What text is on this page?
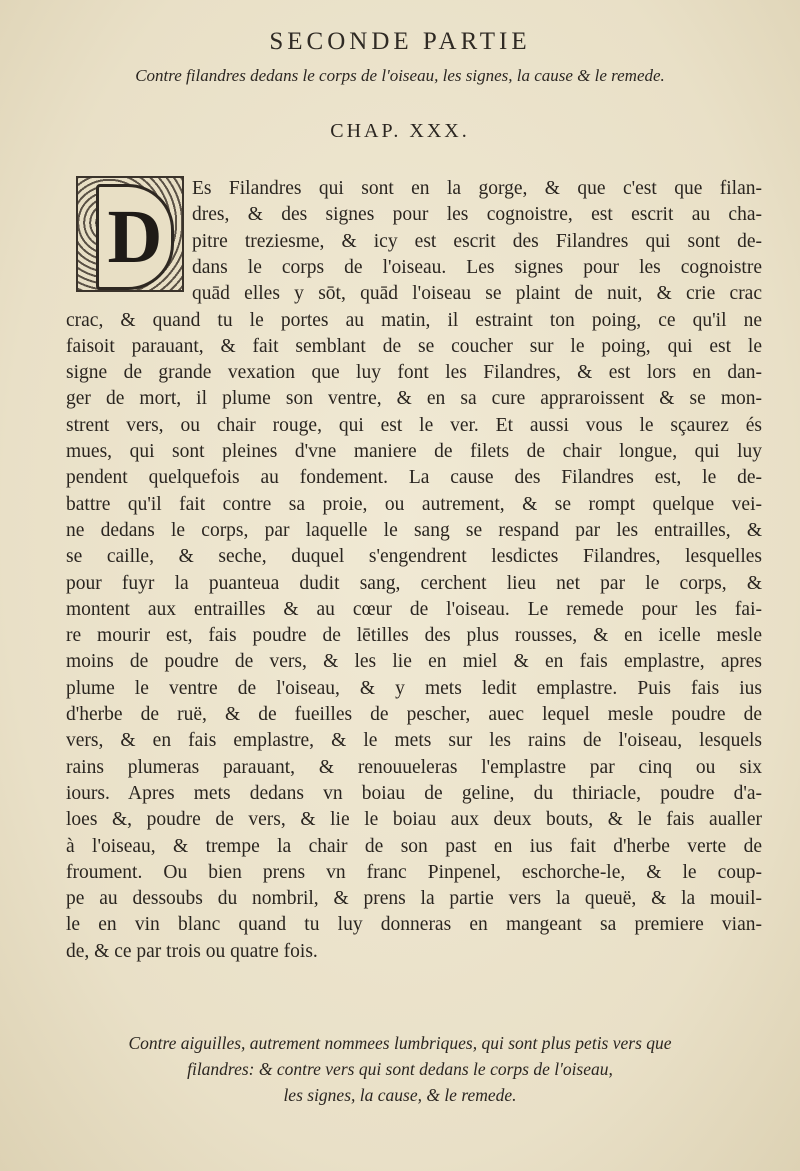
SECONDE PARTIE
Contre filandres dedans le corps de l'oiseau, les signes, la cause & le remede.
CHAP. XXX.
D
Es Filandres qui sont en la gorge, & que c'est que filan-
dres, & des signes pour les cognoistre, est escrit au cha-
pitre treziesme, & icy est escrit des Filandres qui sont de-
dans le corps de l'oiseau. Les signes pour les cognoistre
quād elles y sōt, quād l'oiseau se plaint de nuit, & crie crac
crac, & quand tu le portes au matin, il estraint ton poing, ce qu'il ne
faisoit parauant, & fait semblant de se coucher sur le poing, qui est le
signe de grande vexation que luy font les Filandres, & est lors en dan-
ger de mort, il plume son ventre, & en sa cure appraroissent & se mon-
strent vers, ou chair rouge, qui est le ver. Et aussi vous le sçaurez és
mues, qui sont pleines d'vne maniere de filets de chair longue, qui luy
pendent quelquefois au fondement. La cause des Filandres est, le de-
battre qu'il fait contre sa proie, ou autrement, & se rompt quelque vei-
ne dedans le corps, par laquelle le sang se respand par les entrailles, &
se caille, & seche, duquel s'engendrent lesdictes Filandres, lesquelles
pour fuyr la puanteua dudit sang, cerchent lieu net par le corps, &
montent aux entrailles & au cœur de l'oiseau. Le remede pour les fai-
re mourir est, fais poudre de lētilles des plus rousses, & en icelle mesle
moins de poudre de vers, & les lie en miel & en fais emplastre, apres
plume le ventre de l'oiseau, & y mets ledit emplastre. Puis fais ius
d'herbe de ruë, & de fueilles de pescher, auec lequel mesle poudre de
vers, & en fais emplastre, & le mets sur les rains de l'oiseau, lesquels
rains plumeras parauant, & renouueleras l'emplastre par cinq ou six
iours. Apres mets dedans vn boiau de geline, du thiriacle, poudre d'a-
loes &, poudre de vers, & lie le boiau aux deux bouts, & le fais aualler
à l'oiseau, & trempe la chair de son past en ius fait d'herbe verte de
froument. Ou bien prens vn franc Pinpenel, eschorche-le, & le coup-
pe au dessoubs du nombril, & prens la partie vers la queuë, & la mouil-
le en vin blanc quand tu luy donneras en mangeant sa premiere vian-
de, & ce par trois ou quatre fois.
Contre aiguilles, autrement nommees lumbriques, qui sont plus petis vers que
filandres: & contre vers qui sont dedans le corps de l'oiseau,
les signes, la cause, & le remede.
